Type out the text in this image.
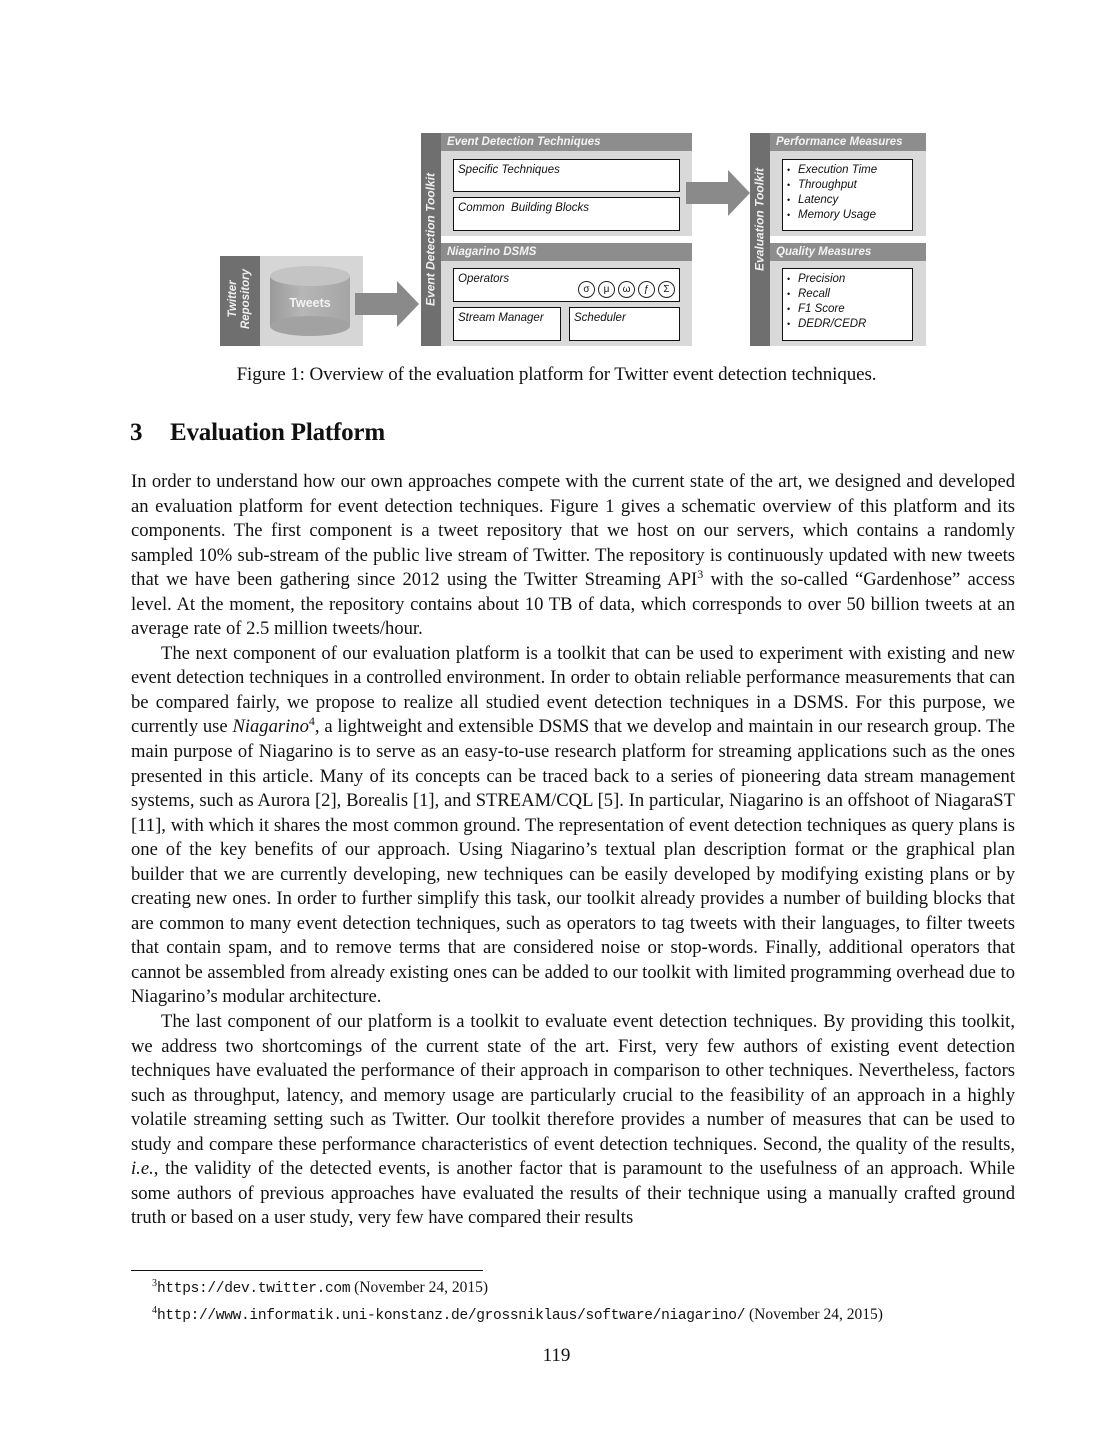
Twitter Repository	Tweets	Event Detection Toolkit
Event Detection Techniques
Specific Techniques
Common  Building Blocks
Niagarino DSMS
Operators
σ	μ	ω	ƒ	Σ
Stream Manager	Scheduler
Evaluation Toolkit
Performance Measures
• Execution Time
• Throughput
• Latency
• Memory Usage
Quality Measures
• Precision
• Recall
• F1 Score
• DEDR/CEDR
Figure 1: Overview of the evaluation platform for Twitter event detection techniques.
3 Evaluation Platform

In order to understand how our own approaches compete with the current state of the art, we designed and developed an evaluation platform for event detection techniques. Figure 1 gives a schematic overview of this platform and its components. The first component is a tweet repository that we host on our servers, which contains a randomly sampled 10% sub-stream of the public live stream of Twitter. The repository is continuously updated with new tweets that we have been gathering since 2012 using the Twitter Streaming API$^3$ with the so-called “Gardenhose” access level. At the moment, the repository contains about 10 TB of data, which corresponds to over 50 billion tweets at an average rate of 2.5 million tweets/hour.

The next component of our evaluation platform is a toolkit that can be used to experiment with existing and new event detection techniques in a controlled environment. In order to obtain reliable performance measurements that can be compared fairly, we propose to realize all studied event detection techniques in a DSMS. For this purpose, we currently use Niagarino$^4$, a lightweight and extensible DSMS that we develop and maintain in our research group. The main purpose of Niagarino is to serve as an easy-to-use research platform for streaming applications such as the ones presented in this article. Many of its concepts can be traced back to a series of pioneering data stream management systems, such as Aurora [2], Borealis [1], and STREAM/CQL [5]. In particular, Niagarino is an offshoot of NiagaraST [11], with which it shares the most common ground. The representation of event detection techniques as query plans is one of the key benefits of our approach. Using Niagarino’s textual plan description format or the graphical plan builder that we are currently developing, new techniques can be easily developed by modifying existing plans or by creating new ones. In order to further simplify this task, our toolkit already provides a number of building blocks that are common to many event detection techniques, such as operators to tag tweets with their languages, to filter tweets that contain spam, and to remove terms that are considered noise or stop-words. Finally, additional operators that cannot be assembled from already existing ones can be added to our toolkit with limited programming overhead due to Niagarino’s modular architecture.

The last component of our platform is a toolkit to evaluate event detection techniques. By providing this toolkit, we address two shortcomings of the current state of the art. First, very few authors of existing event detection techniques have evaluated the performance of their approach in comparison to other techniques. Nevertheless, factors such as throughput, latency, and memory usage are particularly crucial to the feasibility of an approach in a highly volatile streaming setting such as Twitter. Our toolkit therefore provides a number of measures that can be used to study and compare these performance characteristics of event detection techniques. Second, the quality of the results, i.e., the validity of the detected events, is another factor that is paramount to the usefulness of an approach. While some authors of previous approaches have evaluated the results of their technique using a manually crafted ground truth or based on a user study, very few have compared their results

$^3$https://dev.twitter.com (November 24, 2015)
$^4$http://www.informatik.uni-konstanz.de/grossniklaus/software/niagarino/ (November 24, 2015)
119
